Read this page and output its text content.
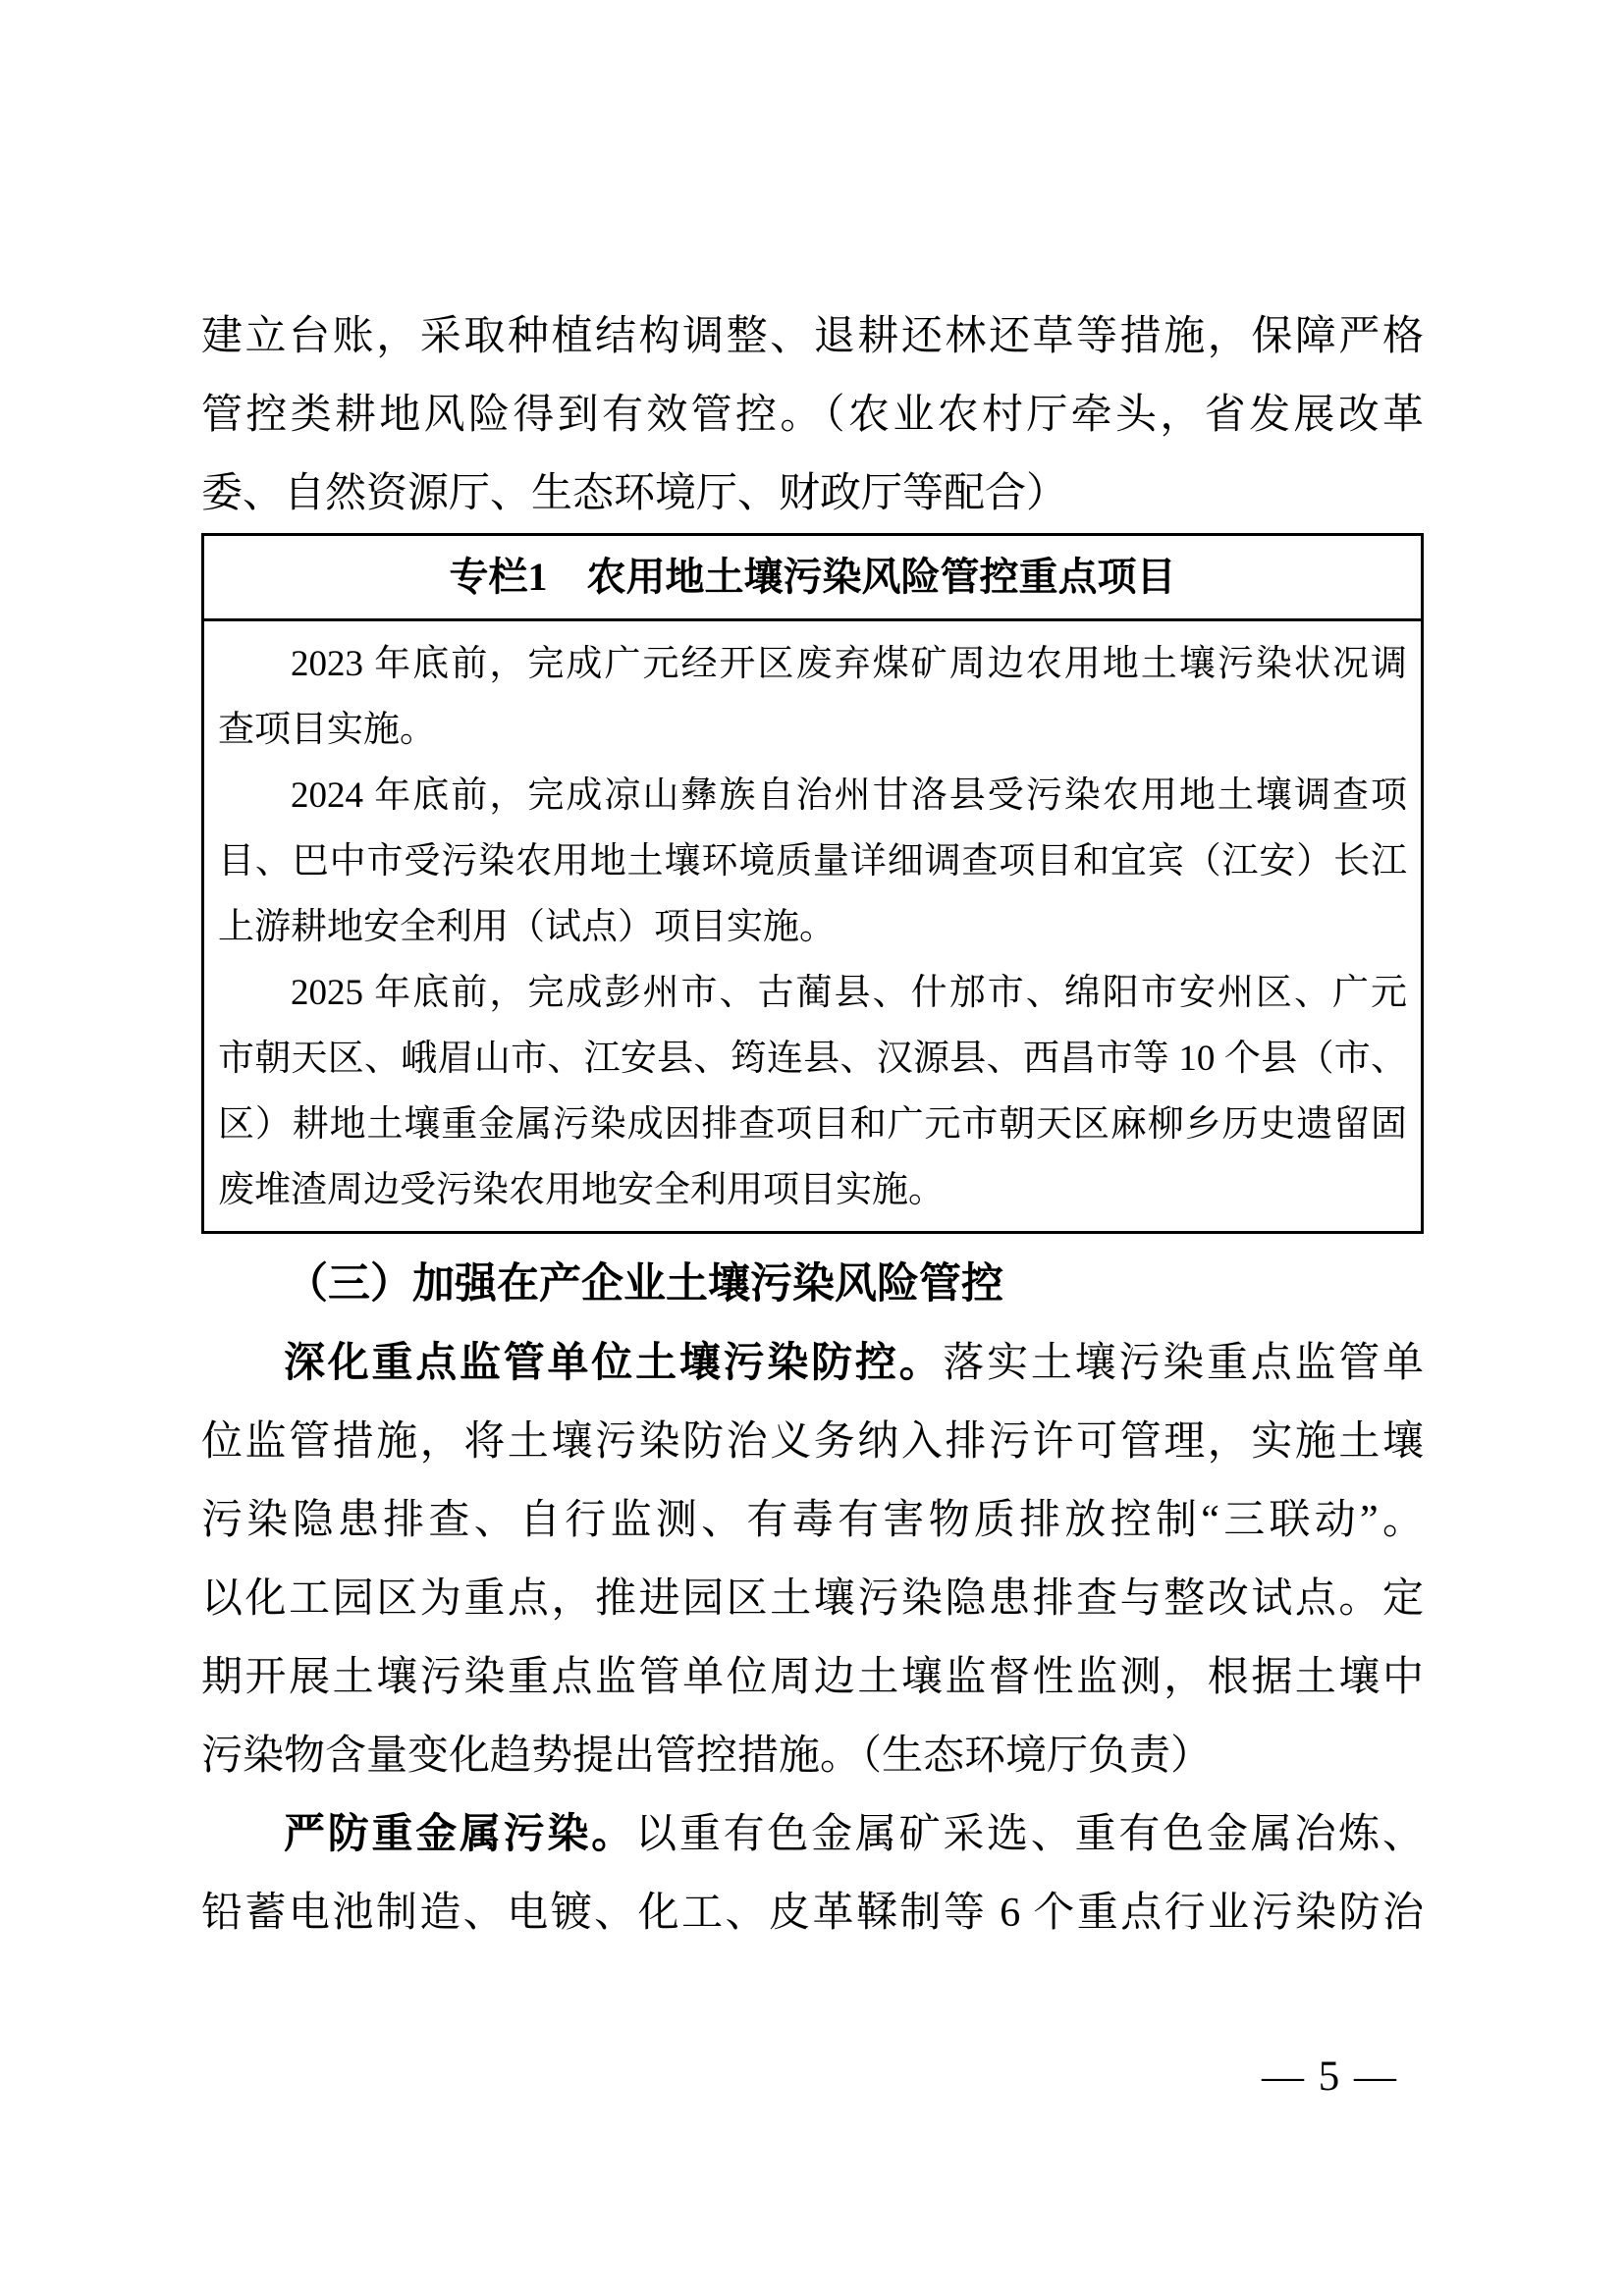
建立台账，采取种植结构调整、退耕还林还草等措施，保障严格
管控类耕地风险得到有效管控。（农业农村厅牵头，省发展改革
委、自然资源厅、生态环境厅、财政厅等配合）
专栏1　农用地土壤污染风险管控重点项目
2023 年底前，完成广元经开区废弃煤矿周边农用地土壤污染状况调
查项目实施。
2024 年底前，完成凉山彝族自治州甘洛县受污染农用地土壤调查项
目、巴中市受污染农用地土壤环境质量详细调查项目和宜宾（江安）长江
上游耕地安全利用（试点）项目实施。
2025 年底前，完成彭州市、古蔺县、什邡市、绵阳市安州区、广元
市朝天区、峨眉山市、江安县、筠连县、汉源县、西昌市等 10 个县（市、
区）耕地土壤重金属污染成因排查项目和广元市朝天区麻柳乡历史遗留固
废堆渣周边受污染农用地安全利用项目实施。
（三）加强在产企业土壤污染风险管控
深化重点监管单位土壤污染防控。落实土壤污染重点监管单
位监管措施，将土壤污染防治义务纳入排污许可管理，实施土壤
污染隐患排查、自行监测、有毒有害物质排放控制“三联动”。
以化工园区为重点，推进园区土壤污染隐患排查与整改试点。定
期开展土壤污染重点监管单位周边土壤监督性监测，根据土壤中
污染物含量变化趋势提出管控措施。（生态环境厅负责）
严防重金属污染。以重有色金属矿采选、重有色金属冶炼、
铅蓄电池制造、电镀、化工、皮革鞣制等 6 个重点行业污染防治
— 5 —
